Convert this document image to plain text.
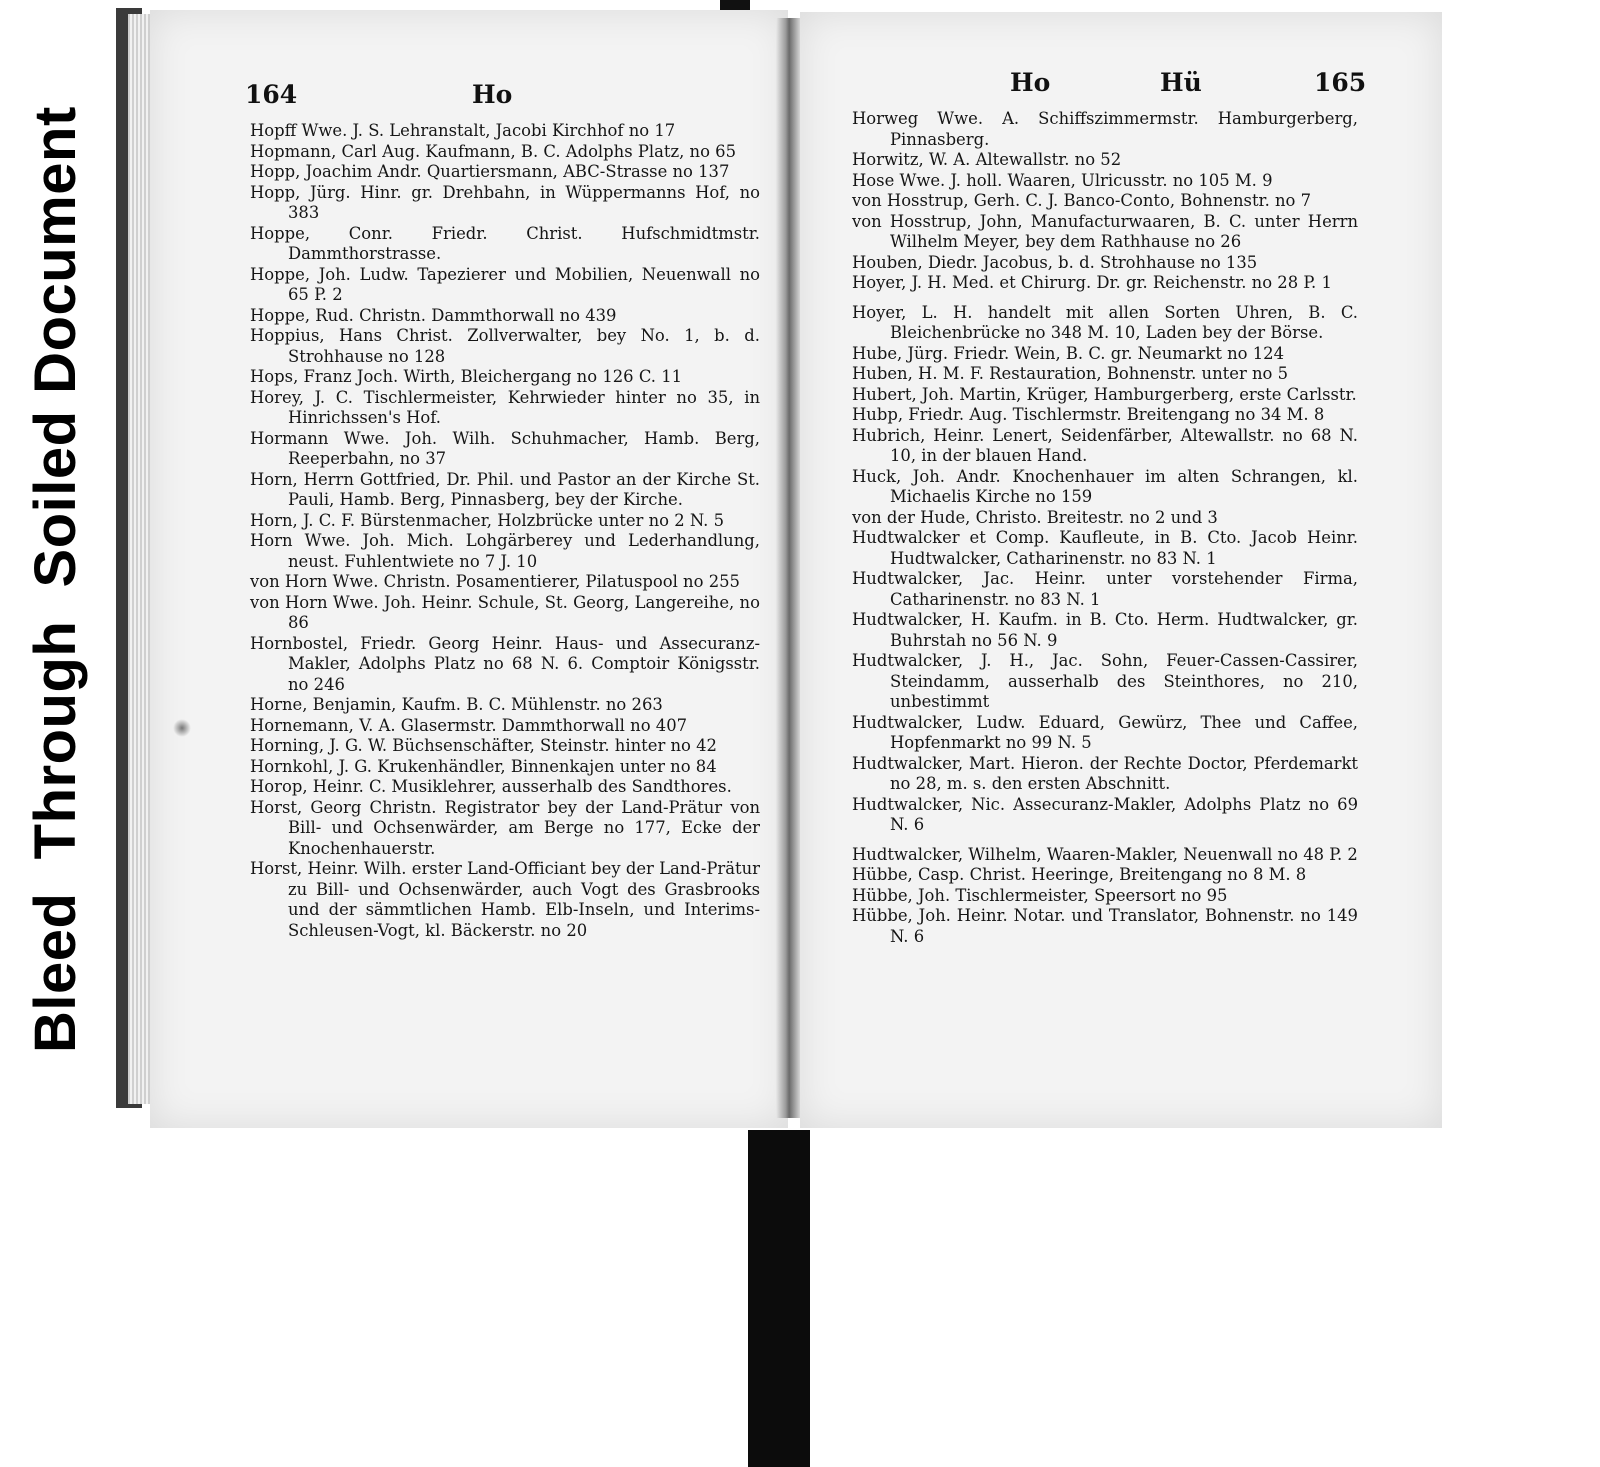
164	Ho

Hopff Wwe. J. S. Lehranstalt, Jacobi Kirchhof no 17

Hopmann, Carl Aug. Kaufmann, B. C. Adolphs Platz, no 65

Hopp, Joachim Andr. Quartiersmann, ABC-Strasse no 137

Hopp, Jürg. Hinr. gr. Drehbahn, in Wüppermanns Hof, no 383

Hoppe, Conr. Friedr. Christ. Hufschmidtmstr. Dammthorstrasse.

Hoppe, Joh. Ludw. Tapezierer und Mobilien, Neuenwall no 65 P. 2

Hoppe, Rud. Christn. Dammthorwall no 439

Hoppius, Hans Christ. Zollverwalter, bey No. 1, b. d. Strohhause no 128

Hops, Franz Joch. Wirth, Bleichergang no 126 C. 11

Horey, J. C. Tischlermeister, Kehrwieder hinter no 35, in Hinrichssen's Hof.

Hormann Wwe. Joh. Wilh. Schuhmacher, Hamb. Berg, Reeperbahn, no 37

Horn, Herrn Gottfried, Dr. Phil. und Pastor an der Kirche St. Pauli, Hamb. Berg, Pinnasberg, bey der Kirche.

Horn, J. C. F. Bürstenmacher, Holzbrücke unter no 2 N. 5

Horn Wwe. Joh. Mich. Lohgärberey und Lederhandlung, neust. Fuhlentwiete no 7 J. 10

von Horn Wwe. Christn. Posamentierer, Pilatuspool no 255

von Horn Wwe. Joh. Heinr. Schule, St. Georg, Langereihe, no 86

Hornbostel, Friedr. Georg Heinr. Haus- und Assecuranz-Makler, Adolphs Platz no 68 N. 6. Comptoir Königsstr. no 246

Horne, Benjamin, Kaufm. B. C. Mühlenstr. no 263

Hornemann, V. A. Glasermstr. Dammthorwall no 407

Horning, J. G. W. Büchsenschäfter, Steinstr. hinter no 42

Hornkohl, J. G. Krukenhändler, Binnenkajen unter no 84

Horop, Heinr. C. Musiklehrer, ausserhalb des Sandthores.

Horst, Georg Christn. Registrator bey der Land-Prätur von Bill- und Ochsenwärder, am Berge no 177, Ecke der Knochenhauerstr.

Horst, Heinr. Wilh. erster Land-Officiant bey der Land-Prätur zu Bill- und Ochsenwärder, auch Vogt des Grasbrooks und der sämmtlichen Hamb. Elb-Inseln, und Interims-Schleusen-Vogt, kl. Bäckerstr. no 20

Ho	Hü	165

Horweg Wwe. A. Schiffszimmermstr. Hamburgerberg, Pinnasberg.

Horwitz, W. A. Altewallstr. no 52

Hose Wwe. J. holl. Waaren, Ulricusstr. no 105 M. 9

von Hosstrup, Gerh. C. J. Banco-Conto, Bohnenstr. no 7

von Hosstrup, John, Manufacturwaaren, B. C. unter Herrn Wilhelm Meyer, bey dem Rathhause no 26

Houben, Diedr. Jacobus, b. d. Strohhause no 135

Hoyer, J. H. Med. et Chirurg. Dr. gr. Reichenstr. no 28 P. 1

Hoyer, L. H. handelt mit allen Sorten Uhren, B. C. Bleichenbrücke no 348 M. 10, Laden bey der Börse.

Hube, Jürg. Friedr. Wein, B. C. gr. Neumarkt no 124

Huben, H. M. F. Restauration, Bohnenstr. unter no 5

Hubert, Joh. Martin, Krüger, Hamburgerberg, erste Carlsstr.

Hubp, Friedr. Aug. Tischlermstr. Breitengang no 34 M. 8

Hubrich, Heinr. Lenert, Seidenfärber, Altewallstr. no 68 N. 10, in der blauen Hand.

Huck, Joh. Andr. Knochenhauer im alten Schrangen, kl. Michaelis Kirche no 159

von der Hude, Christo. Breitestr. no 2 und 3

Hudtwalcker et Comp. Kaufleute, in B. Cto. Jacob Heinr. Hudtwalcker, Catharinenstr. no 83 N. 1

Hudtwalcker, Jac. Heinr. unter vorstehender Firma, Catharinenstr. no 83 N. 1

Hudtwalcker, H. Kaufm. in B. Cto. Herm. Hudtwalcker, gr. Buhrstah no 56 N. 9

Hudtwalcker, J. H., Jac. Sohn, Feuer-Cassen-Cassirer, Steindamm, ausserhalb des Steinthores, no 210, unbestimmt

Hudtwalcker, Ludw. Eduard, Gewürz, Thee und Caffee, Hopfenmarkt no 99 N. 5

Hudtwalcker, Mart. Hieron. der Rechte Doctor, Pferdemarkt no 28, m. s. den ersten Abschnitt.

Hudtwalcker, Nic. Assecuranz-Makler, Adolphs Platz no 69 N. 6

Hudtwalcker, Wilhelm, Waaren-Makler, Neuenwall no 48 P. 2

Hübbe, Casp. Christ. Heeringe, Breitengang no 8 M. 8

Hübbe, Joh. Tischlermeister, Speersort no 95

Hübbe, Joh. Heinr. Notar. und Translator, Bohnenstr. no 149 N. 6

Bleed  Through  Soiled Document
